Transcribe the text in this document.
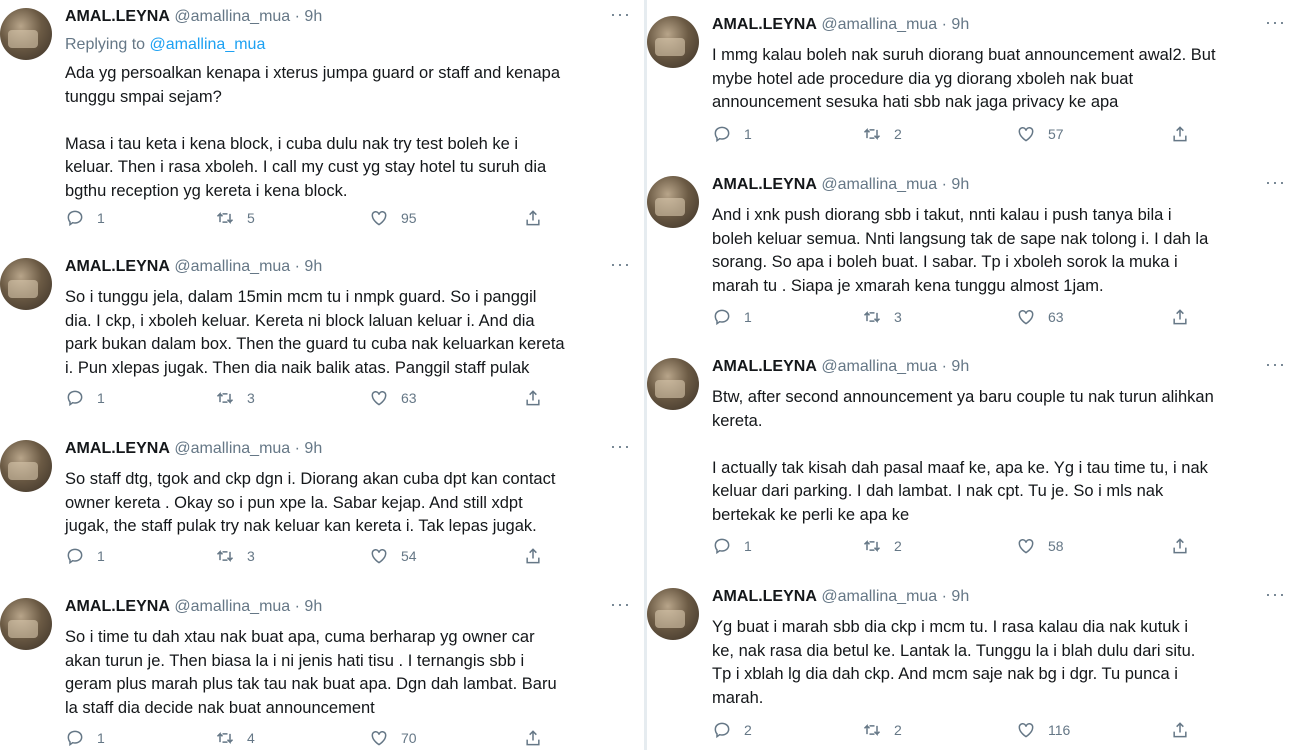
AMAL.LEYNA @amallina_mua · 9h	···
Replying to @amallina_mua
Ada yg persoalkan kenapa i xterus jumpa guard or staff and kenapa
tunggu smpai sejam?

Masa i tau keta i kena block, i cuba dulu nak try test boleh ke i
keluar. Then i rasa xboleh. I call my cust yg stay hotel tu suruh dia
bgthu reception yg kereta i kena block.
1	5	95
AMAL.LEYNA @amallina_mua · 9h	···
So i tunggu jela, dalam 15min mcm tu i nmpk guard. So i panggil
dia. I ckp, i xboleh keluar. Kereta ni block laluan keluar i. And dia
park bukan dalam box. Then the guard tu cuba nak keluarkan kereta
i. Pun xlepas jugak. Then dia naik balik atas. Panggil staff pulak
1	3	63
AMAL.LEYNA @amallina_mua · 9h	···
So staff dtg, tgok and ckp dgn i. Diorang akan cuba dpt kan contact
owner kereta . Okay so i pun xpe la. Sabar kejap. And still xdpt
jugak, the staff pulak try nak keluar kan kereta i. Tak lepas jugak.
1	3	54
AMAL.LEYNA @amallina_mua · 9h	···
So i time tu dah xtau nak buat apa, cuma berharap yg owner car
akan turun je. Then biasa la i ni jenis hati tisu . I ternangis sbb i
geram plus marah plus tak tau nak buat apa. Dgn dah lambat. Baru
la staff dia decide nak buat announcement
1	4	70
AMAL.LEYNA @amallina_mua · 9h	···
I mmg kalau boleh nak suruh diorang buat announcement awal2. But
mybe hotel ade procedure dia yg diorang xboleh nak buat
announcement sesuka hati sbb nak jaga privacy ke apa
1	2	57
AMAL.LEYNA @amallina_mua · 9h	···
And i xnk push diorang sbb i takut, nnti kalau i push tanya bila i
boleh keluar semua. Nnti langsung tak de sape nak tolong i. I dah la
sorang. So apa i boleh buat. I sabar. Tp i xboleh sorok la muka i
marah tu . Siapa je xmarah kena tunggu almost 1jam.
1	3	63
AMAL.LEYNA @amallina_mua · 9h	···
Btw, after second announcement ya baru couple tu nak turun alihkan
kereta.

I actually tak kisah dah pasal maaf ke, apa ke. Yg i tau time tu, i nak
keluar dari parking. I dah lambat. I nak cpt. Tu je. So i mls nak
bertekak ke perli ke apa ke
1	2	58
AMAL.LEYNA @amallina_mua · 9h	···
Yg buat i marah sbb dia ckp i mcm tu. I rasa kalau dia nak kutuk i
ke, nak rasa dia betul ke. Lantak la. Tunggu la i blah dulu dari situ.
Tp i xblah lg dia dah ckp. And mcm saje nak bg i dgr. Tu punca i
marah.
2	2	116
